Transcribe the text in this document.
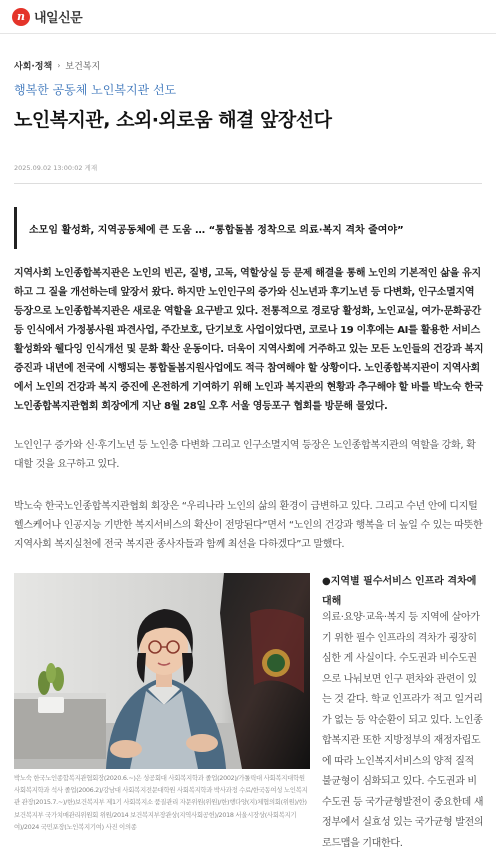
n 내일신문
사회·정책 › 보건복지
행복한 공동체 노인복지관 선도
노인복지관, 소외·외로움 해결 앞장선다
2025.09.02 13:00:02 게재
소모임 활성화, 지역공동체에 큰 도움 … “통합돌봄 정착으로 의료·복지 격차 줄여야”

지역사회 노인종합복지관은 노인의 빈곤, 질병, 고독, 역할상실 등 문제 해결을 통해 노인의 기본적인 삶을 유지하고 그 질을 개선하는데 앞장서 왔다. 하지만 노인인구의 증가와 신노년과 후기노년 등 다변화, 인구소멸지역 등장으로 노인종합복지관은 새로운 역할을 요구받고 있다. 전통적으로 경로당 활성화, 노인교실, 여가·문화공간 등 인식에서 가정봉사원 파견사업, 주간보호, 단기보호 사업이었다면, 코로나 19 이후에는 AI를 활용한 서비스활성화와 웰다잉 인식개선 및 문화 확산 운동이다. 더욱이 지역사회에 거주하고 있는 모든 노인들의 건강과 복지 증진과 내년에 전국에 시행되는 통합돌봄지원사업에도 적극 참여해야 할 상황이다. 노인종합복지관이 지역사회에서 노인의 건강과 복지 증진에 온전하게 기여하기 위해 노인과 복지관의 현황과 추구해야 할 바를 박노숙 한국노인종합복지관협회 회장에게 지난 8월 28일 오후 서울 영등포구 협회를 방문해 물었다.

노인인구 증가와 신·후기노년 등 노인층 다변화 그리고 인구소멸지역 등장은 노인종합복지관의 역할을 강화, 확대할 것을 요구하고 있다.

박노숙 한국노인종합복지관협회 회장은 “우리나라 노인의 삶의 환경이 급변하고 있다. 그리고 수년 안에 디지털 헬스케어나 인공지능 기반한 복지서비스의 확산이 전망된다”면서 “노인의 건강과 행복을 더 높일 수 있는 따뜻한 지역사회 복지실천에 전국 복지관 종사자들과 함께 최선을 다하겠다”고 말했다.

박노숙 한국노인종합복지관협회장(2020.6.~)은 성공회대 사회복지학과 졸업(2002)/가톨릭대 사회복지대학원 사회복지학과 석사 졸업(2006.2)/강남대 사회복지전문대학원 사회복지학과 박사과정 수료/한국동여성 노인복지관 관장(2015.7.~)/한)보건복지부 제1기 사회복지소 품질관리 자문위원(위원)/한)행다양(지)체협의회(위원)/한) 보건복지부 국가치매관리위원회 위원/2014 보건복지부장관상(지역사회공헌)/2018 서울시장상(사회복지기여)/2024 국민포장(노인복지기여) 사진 이의종
●지역별 필수서비스 인프라 격차에 대해

의료·요양·교육·복지 등 지역에 살아가기 위한 필수 인프라의 격차가 굉장히 심한 게 사실이다. 수도권과 비수도권으로 나눠보면 인구 편차와 관련이 있는 것 같다. 학교 인프라가 적고 일거리가 없는 등 악순환이 되고 있다. 노인종합복지관 또한 지방정부의 재정자립도에 따라 노인복지서비스의 양적 질적 불균형이 심화되고 있다. 수도권과 비수도권 등 국가균형발전이 중요한데 새정부에서 실효성 있는 국가균형 발전의 로드맵을 기대한다.
